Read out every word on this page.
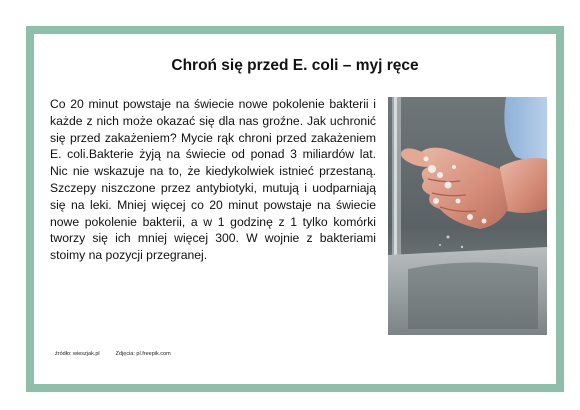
Chroń się przed E. coli – myj ręce

Co 20 minut powstaje na świecie nowe pokolenie bakterii i każde z nich może okazać się dla nas groźne. Jak uchronić się przed zakażeniem? Mycie rąk chroni przed zakażeniem E. coli.Bakterie żyją na świecie od ponad 3 miliardów lat. Nic nie wskazuje na to, że kiedykolwiek istnieć przestaną. Szczepy niszczone przez antybiotyki, mutują i uodparniają się na leki. Mniej więcej co 20 minut powstaje na świecie nowe pokolenie bakterii, a w 1 godzinę z 1 tylko komórki tworzy się ich mniej więcej 300. W wojnie z bakteriami stoimy na pozycji przegranej.

źródło: wieszjak.pl	Zdjęcia: pl.freepik.com
